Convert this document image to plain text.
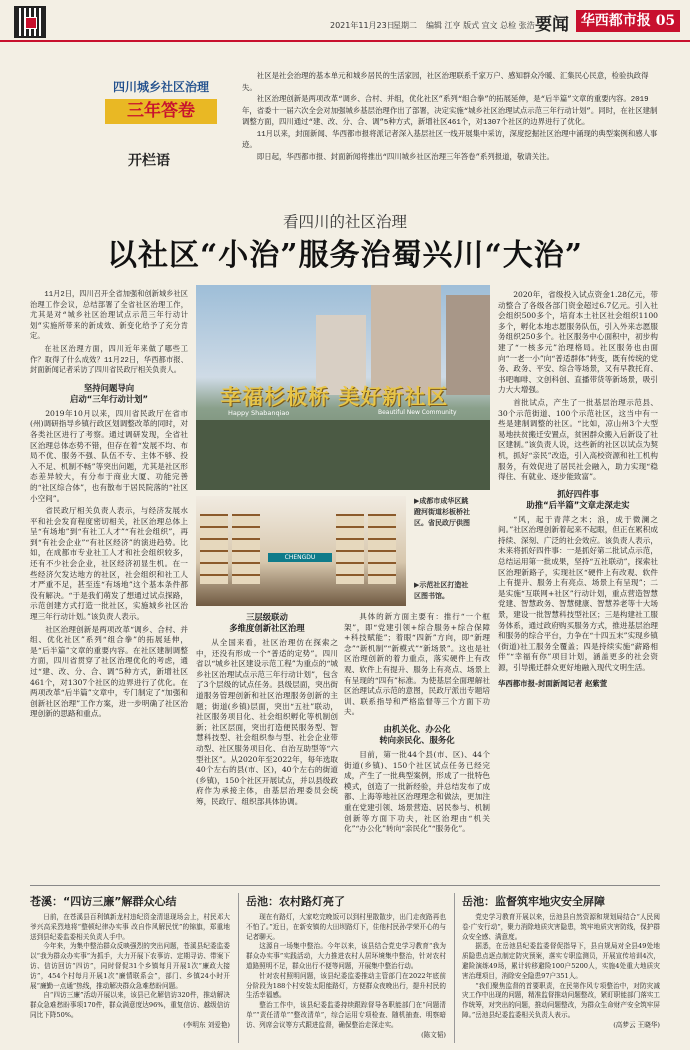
2021年11月23日
星期二 编辑 江亨 版式 宜文 总检 张浩 要闻 华西都市报 05
四川城乡社区治理
三年答卷
开栏语

社区是社会治理的基本单元和城乡居民的生活家园，社区治理联系千家万户、感知群众冷暖、汇集民心民意，检验执政得失。

社区治理创新是两项改革“调乡、合村、并组，优化社区”系列“组合拳”的拓展延伸，是“后半篇”文章的重要内容。2019年，省委十一届六次全会对加强城乡基层治理作出了部署，决定实施“城乡社区治理试点示范三年行动计划”。同时，在社区建制调整方面，四川通过“建、改、分、合、调”5种方式，新增社区461个，对1307个社区的边界进行了优化。

11月以来，封面新闻、华西都市报将派记者深入基层社区一线开展集中采访，深度挖掘社区治理中涌现的典型案例和感人事迹。

即日起，华西都市报、封面新闻将推出“四川城乡社区治理三年答卷”系列报道，敬请关注。

看四川的社区治理
以社区“小治”服务治蜀兴川“大治”

11月2日，四川召开全省加强和创新城乡社区治理工作会议，总结部署了全省社区治理工作，尤其是对“城乡社区治理试点示范三年行动计划”实施所带来的新成效、新变化给予了充分肯定。

在社区治理方面，四川近年来做了哪些工作？取得了什么成效？11月22日，华西都市报、封面新闻记者采访了四川省民政厅相关负责人。

坚持问题导向
启动“三年行动计划”

2019年10月以来，四川省民政厅在省市(州)调研指导乡镇行政区划调整改革的同时，对各类社区进行了考察。通过调研发现，全省社区治理总体态势不错，但存在着“发展不均、布局不优、服务不强、队伍不专、主体不够、投入不足、机制不畅”等突出问题，尤其是社区形态差异较大，有分布于商业大厦、功能完善的“社区综合体”，也有散布于居民院落的“社区小空间”。

省民政厅相关负责人表示，与经济发展水平和社会发育程度密切相关，社区治理总体上呈“有场地”到“有社工人才”“有社会组织”，再到“有社会企业”“有社区经济”的演进趋势。比如，在成都市专业社工人才和社会组织较多，还有不少社会企业，社区经济初显生机。在一些经济欠发达地方的社区，社会组织和社工人才严重不足，甚至连“有场地”这个基本条件都没有解决。“于是我们萌发了想通过试点探路，示范创建方式打造一批社区，实施城乡社区治理三年行动计划。”该负责人表示。

社区治理创新是两项改革“调乡、合村、并组、优化社区”系列“组合拳”的拓展延伸，是“后半篇”文章的重要内容。在社区建制调整方面，四川省贯穿了社区治理优化的考虑，通过“建、改、分、合、调”5种方式，新增社区461个，对1307个社区的边界进行了优化。在两项改革“后半篇”文章中，专门制定了“加强和创新社区治理”工作方案，进一步明确了社区治理创新的思路和重点。

幸福杉板桥 美好新社区
Happy Shabanqiao	Beautiful New Community
▶成都市成华区跳
蹬河街道杉板桥社
区。省民政厅供图
CHENGDU
▶示范社区打造社
区图书馆。
三层级联动
多维度创新社区治理

从全国来看，社区治理仿在探索之中，还没有形成一个“普适的定势”。四川省以“城乡社区建设示范工程”为重点的“城乡社区治理试点示范三年行动计划”，包含了3个层级的试点任务。县级层面，突出街道服务管理创新和社区治理服务创新的主题；街道(乡镇)层面，突出“五社”联动，社区服务项目化、社会组织孵化等机制创新；社区层面，突出打造便民服务型、智慧科技型、社会组织参与型、社会企业带动型、社区服务项目化、自治互助型等“六型社区”。从2020年至2022年，每年选取40个左右的县(市、区)，40个左右的街道(乡镇)，150个社区开展试点，并以县级政府作为承接主体，由基层治理委员会统筹，民政厅、组织部具体协调。

具体的新方面主要有：推行“一个框架”，即“党建引领+综合服务+综合保障+科技赋能”；着眼“四新”方向，即“新理念”“新机制”“新模式”“新场景”。这也是社区治理创新的着力重点，落实硬件上有改观、软件上有提升、服务上有亮点、场景上有呈现的“四有”标准。为使基层全面理解社区治理试点示范的意图，民政厅派出专题培训、联系指导和严格监督等三个方面下功夫。

由机关化、办公化
转向亲民化、服务化

目前，第一批44个县(市、区)、44个街道(乡镇)、150个社区试点任务已经完成，产生了一批典型案例，形成了一批特色模式，创造了一批新经验，并总结发布了成都、上海等地社区治理理念和做法，更加注重在党建引领、场景营造、居民参与、机制创新等方面下功夫，社区治理由“机关化”“办公化”转向“亲民化”“服务化”。

2020年，省级投入试点资金1.28亿元，带动整合了各级各部门资金超过6.7亿元。引入社会组织500多个，培育本土社区社会组织1100多个，孵化本地志愿服务队伍，引入外来志愿服务组织250多个。社区服务中心面积中，初步构建了“一核多元”治理格局。社区服务也由面向“一老一小”向“普适群体”转变，既有传统的党务、政务、平安、综合等场景，又有早教托育、书吧咖啡、文创科创、直播带货等新场景，吸引力大大增强。

首批试点，产生了一批基层治理示范县、30个示范街道、100个示范社区，这当中有一些是建制调整的社区。“比如，凉山州3个大型易地扶贫搬迁安置点，贫困群众搬入后新设了社区建制。”该负责人说，这些新的社区以试点为契机，抓好“亲民”改造，引入高校资源和社工机构服务，有效促进了居民社会融入，助力实现“稳得住、有就业、逐步能致富”。

抓好四件事
助推“后半篇”文章走深走实

“风，起于青萍之末；浪，成于微澜之间。”社区治理创新着起来不起眼，但正在累积成持续、深刻、广泛的社会效应。该负责人表示，未来将抓好四件事：一是抓好第二批试点示范，总结运用第一批成果，坚持“五社联动”，探索社区治理新路子，实现社区“硬件上有改观、软件上有提升、服务上有亮点、场景上有呈现”；二是实施“互联网+社区”行动计划，重点营造智慧党建、智慧政务、智慧健康、智慧养老等十大场景，建设一批智慧科技型社区；三是构建社工服务体系，通过政府购买服务方式，推进基层治理和服务的综合平台，力争在“十四五末”实现乡镇(街道)社工服务全覆盖；四是持续实施“薪路相伴”“幸福有你”项目计划，涵盖更多的社会资源，引导搬迁群众更好地融入现代文明生活。

华西都市报-封面新闻记者 赵紫萱
苍溪：“四访三廉”解群众心结

日前，在苍溪县百利镇新龙村违纪资金清退现场会上，村民邓大爷兴高采烈地将“整顿纪律办实事 改自作风解民忧”的锦旗，郑重地送到县纪委监委相关负责人手中。

今年来，为集中整治群众反映强烈的突出问题，苍溪县纪委监委以“我为群众办实事”为抓手，大力开展下农事访、定期寻访、带案下访、信访回访“四访”，同时督促31个乡镇每月开展1次“廉政大接访”，454个村每月开展1次“廉情联系会”，部门、乡镇24小时开展“廉勤一点通”热线，推动解决群众急难愁盼问题。

自“四访三廉”活动开展以来，该县已化解信访320件，推动解决群众急难愁盼事项170件，群众满意度达96%，重复信访、越级信访同比下降50%。

(李明东 刘爱艳)

岳池：农村路灯亮了

现在有路灯，大家吃完晚饭可以到村里散散步，出门走夜路再也不怕了。”近日，在新安镇的大田坝路灯下，住他村民孙学荣开心的与记者聊天。

这源自一场集中整治。今年以来，该县结合党史学习教育“我为群众办实事”实践活动，大力推进农村人居环境集中整治，针对农村道路照明不足，群众出行不便等问题，开展集中整治行动。

针对农村照明问题，该县纪委监委推动主管部门在2022年底前分阶段为188个村安装太阳能路灯，方便群众夜晚出行，提升村民的生活幸福感。

整治工作中，该县纪委监委持续跟踪督导各职能部门在“问题清单”“责任清单”“整改清单”，综合运用专项检查、随机抽查、明察暗访、列席会议等方式跟进监督，确保整治走深走实。

(陈文韬)

岳池：监督筑牢地灾安全屏障

党史学习教育开展以来，岳池县自然资源和规划局结合“人民阅卷·广安行动”，聚力消除地质灾害隐患，筑牢地质灾害防线，保护群众安全感、满意度。

据悉，在岳池县纪委监委督促指导下，县自规局对全县49处地质隐患点逐点制定防灾预案，落实专职监测员，开展宣传培训4次，避险演练49场，累计转移避险100户5200人，实施4处重大地质灾害治理项目，消除安全隐患97户351人。

“我们聚焦监督的首要职责，在民第作风专项整治中，对防灾减灾工作中出现的问题，精准监督推动问题整改，紧盯职能部门落实工作统筹，对突出的问题，推动问题整改，为群众生命财产安全筑牢屏障。”岳池县纪委监委相关负责人表示。

(高梦云 王晓华)
